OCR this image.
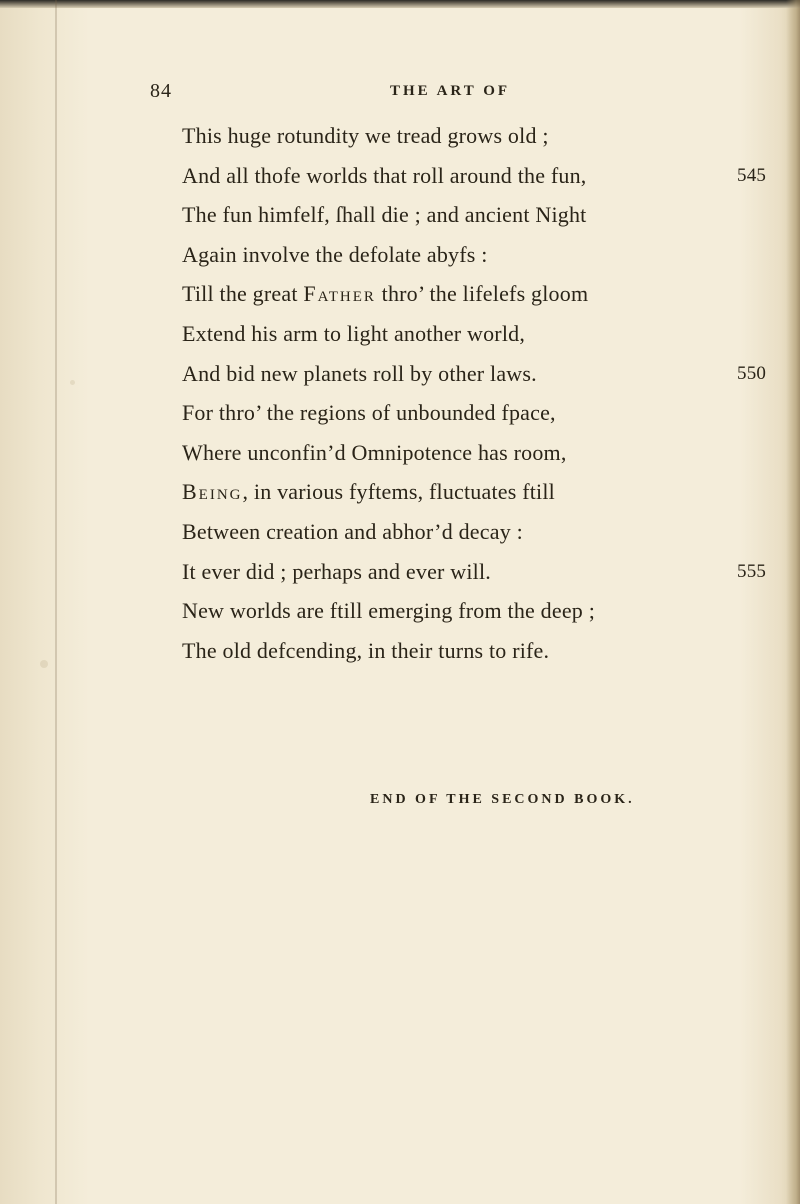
84	THE ART OF
This huge rotundity we tread grows old ;
And all thofe worlds that roll around the fun,	545
The fun himfelf, ſhall die ; and ancient Night
Again involve the defolate abyfs :
Till the great Father thro’ the lifelefs gloom
Extend his arm to light another world,
And bid new planets roll by other laws.	550
For thro’ the regions of unbounded fpace,
Where unconfin’d Omnipotence has room,
Being, in various fyftems, fluctuates ftill
Between creation and abhor’d decay :
It ever did ; perhaps and ever will.	555
New worlds are ftill emerging from the deep ;
The old defcending, in their turns to rife.
END OF THE SECOND BOOK.
